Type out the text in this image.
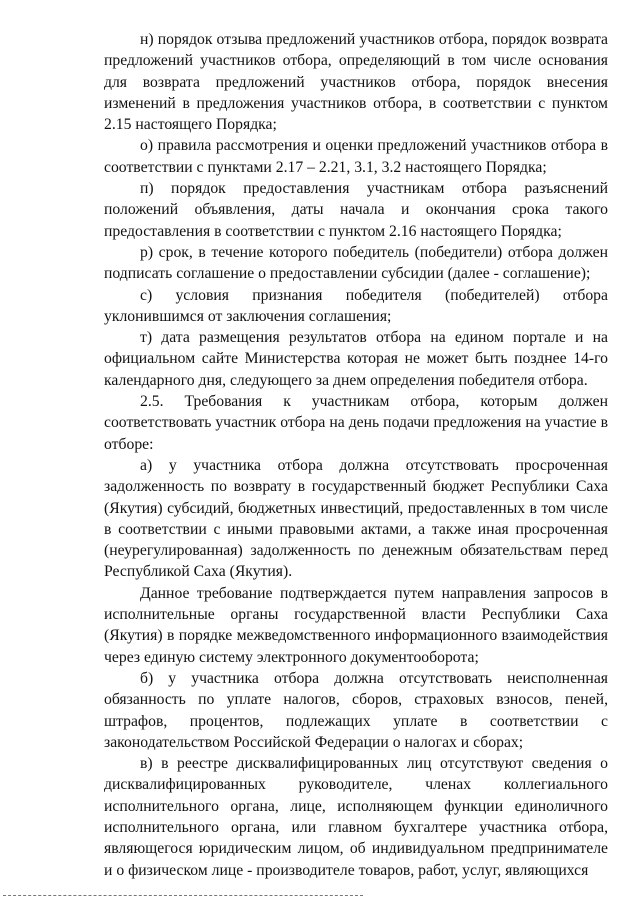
н) порядок отзыва предложений участников отбора, порядок возврата предложений участников отбора, определяющий в том числе основания для возврата предложений участников отбора, порядок внесения изменений в предложения участников отбора, в соответствии с пунктом 2.15 настоящего Порядка;

о) правила рассмотрения и оценки предложений участников отбора в соответствии с пунктами 2.17 – 2.21, 3.1, 3.2 настоящего Порядка;

п) порядок предоставления участникам отбора разъяснений положений объявления, даты начала и окончания срока такого предоставления в соответствии с пунктом 2.16 настоящего Порядка;

р) срок, в течение которого победитель (победители) отбора должен подписать соглашение о предоставлении субсидии (далее - соглашение);

с) условия признания победителя (победителей) отбора уклонившимся от заключения соглашения;

т) дата размещения результатов отбора на едином портале и на официальном сайте Министерства которая не может быть позднее 14-го календарного дня, следующего за днем определения победителя отбора.

2.5. Требования к участникам отбора, которым должен соответствовать участник отбора на день подачи предложения на участие в отборе:

а) у участника отбора должна отсутствовать просроченная задолженность по возврату в государственный бюджет Республики Саха (Якутия) субсидий, бюджетных инвестиций, предоставленных в том числе в соответствии с иными правовыми актами, а также иная просроченная (неурегулированная) задолженность по денежным обязательствам перед Республикой Саха (Якутия).

Данное требование подтверждается путем направления запросов в исполнительные органы государственной власти Республики Саха (Якутия) в порядке межведомственного информационного взаимодействия через единую систему электронного документооборота;

б) у участника отбора должна отсутствовать неисполненная обязанность по уплате налогов, сборов, страховых взносов, пеней, штрафов, процентов, подлежащих уплате в соответствии с законодательством Российской Федерации о налогах и сборах;

в) в реестре дисквалифицированных лиц отсутствуют сведения о дисквалифицированных руководителе, членах коллегиального исполнительного органа, лице, исполняющем функции единоличного исполнительного органа, или главном бухгалтере участника отбора, являющегося юридическим лицом, об индивидуальном предпринимателе и о физическом лице - производителе товаров, работ, услуг, являющихся
